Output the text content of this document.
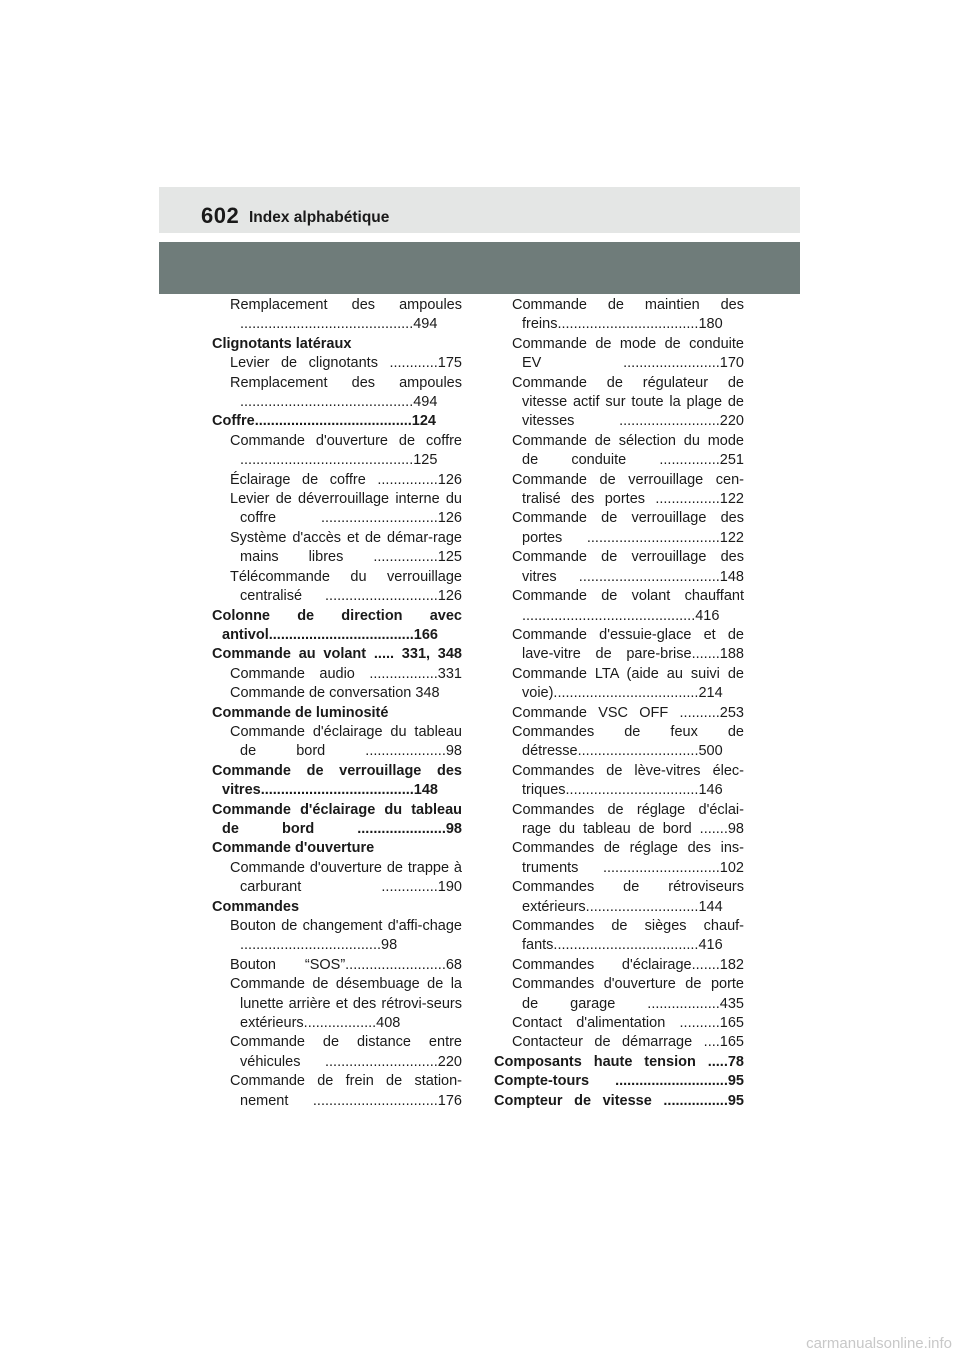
602 Index alphabétique
Remplacement des ampoules ...........................................494
Clignotants latéraux
Levier de clignotants ............175
Remplacement des ampoules ...........................................494
Coffre.......................................124
Commande d'ouverture de coffre ...........................................125
Éclairage de coffre ...............126
Levier de déverrouillage interne du coffre .............................126
Système d'accès et de démar-rage mains libres ................125
Télécommande du verrouillage centralisé ............................126
Colonne de direction avec antivol....................................166
Commande au volant ..... 331, 348
Commande audio .................331
Commande de conversation 348
Commande de luminosité
Commande d'éclairage du tableau de bord ....................98
Commande de verrouillage des vitres......................................148
Commande d'éclairage du tableau de bord ......................98
Commande d'ouverture
Commande d'ouverture de trappe à carburant ..............190
Commandes
Bouton de changement d'affi-chage ...................................98
Bouton “SOS”.........................68
Commande de désembuage de la lunette arrière et des rétrovi-seurs extérieurs..................408
Commande de distance entre véhicules ............................220
Commande de frein de station-nement ...............................176
Commande de maintien des freins...................................180
Commande de mode de conduite EV ........................170
Commande de régulateur de vitesse actif sur toute la plage de vitesses .........................220
Commande de sélection du mode de conduite ...............251
Commande de verrouillage cen-tralisé des portes ................122
Commande de verrouillage des portes .................................122
Commande de verrouillage des vitres ...................................148
Commande de volant chauffant ...........................................416
Commande d'essuie-glace et de lave-vitre de pare-brise.......188
Commande LTA (aide au suivi de voie)....................................214
Commande VSC OFF ..........253
Commandes de feux de détresse..............................500
Commandes de lève-vitres élec-triques.................................146
Commandes de réglage d'éclai-rage du tableau de bord .......98
Commandes de réglage des ins-truments .............................102
Commandes de rétroviseurs extérieurs............................144
Commandes de sièges chauf-fants....................................416
Commandes d'éclairage.......182
Commandes d'ouverture de porte de garage ..................435
Contact d'alimentation ..........165
Contacteur de démarrage ....165
Composants haute tension .....78
Compte-tours ............................95
Compteur de vitesse ................95
carmanualsonline.info
